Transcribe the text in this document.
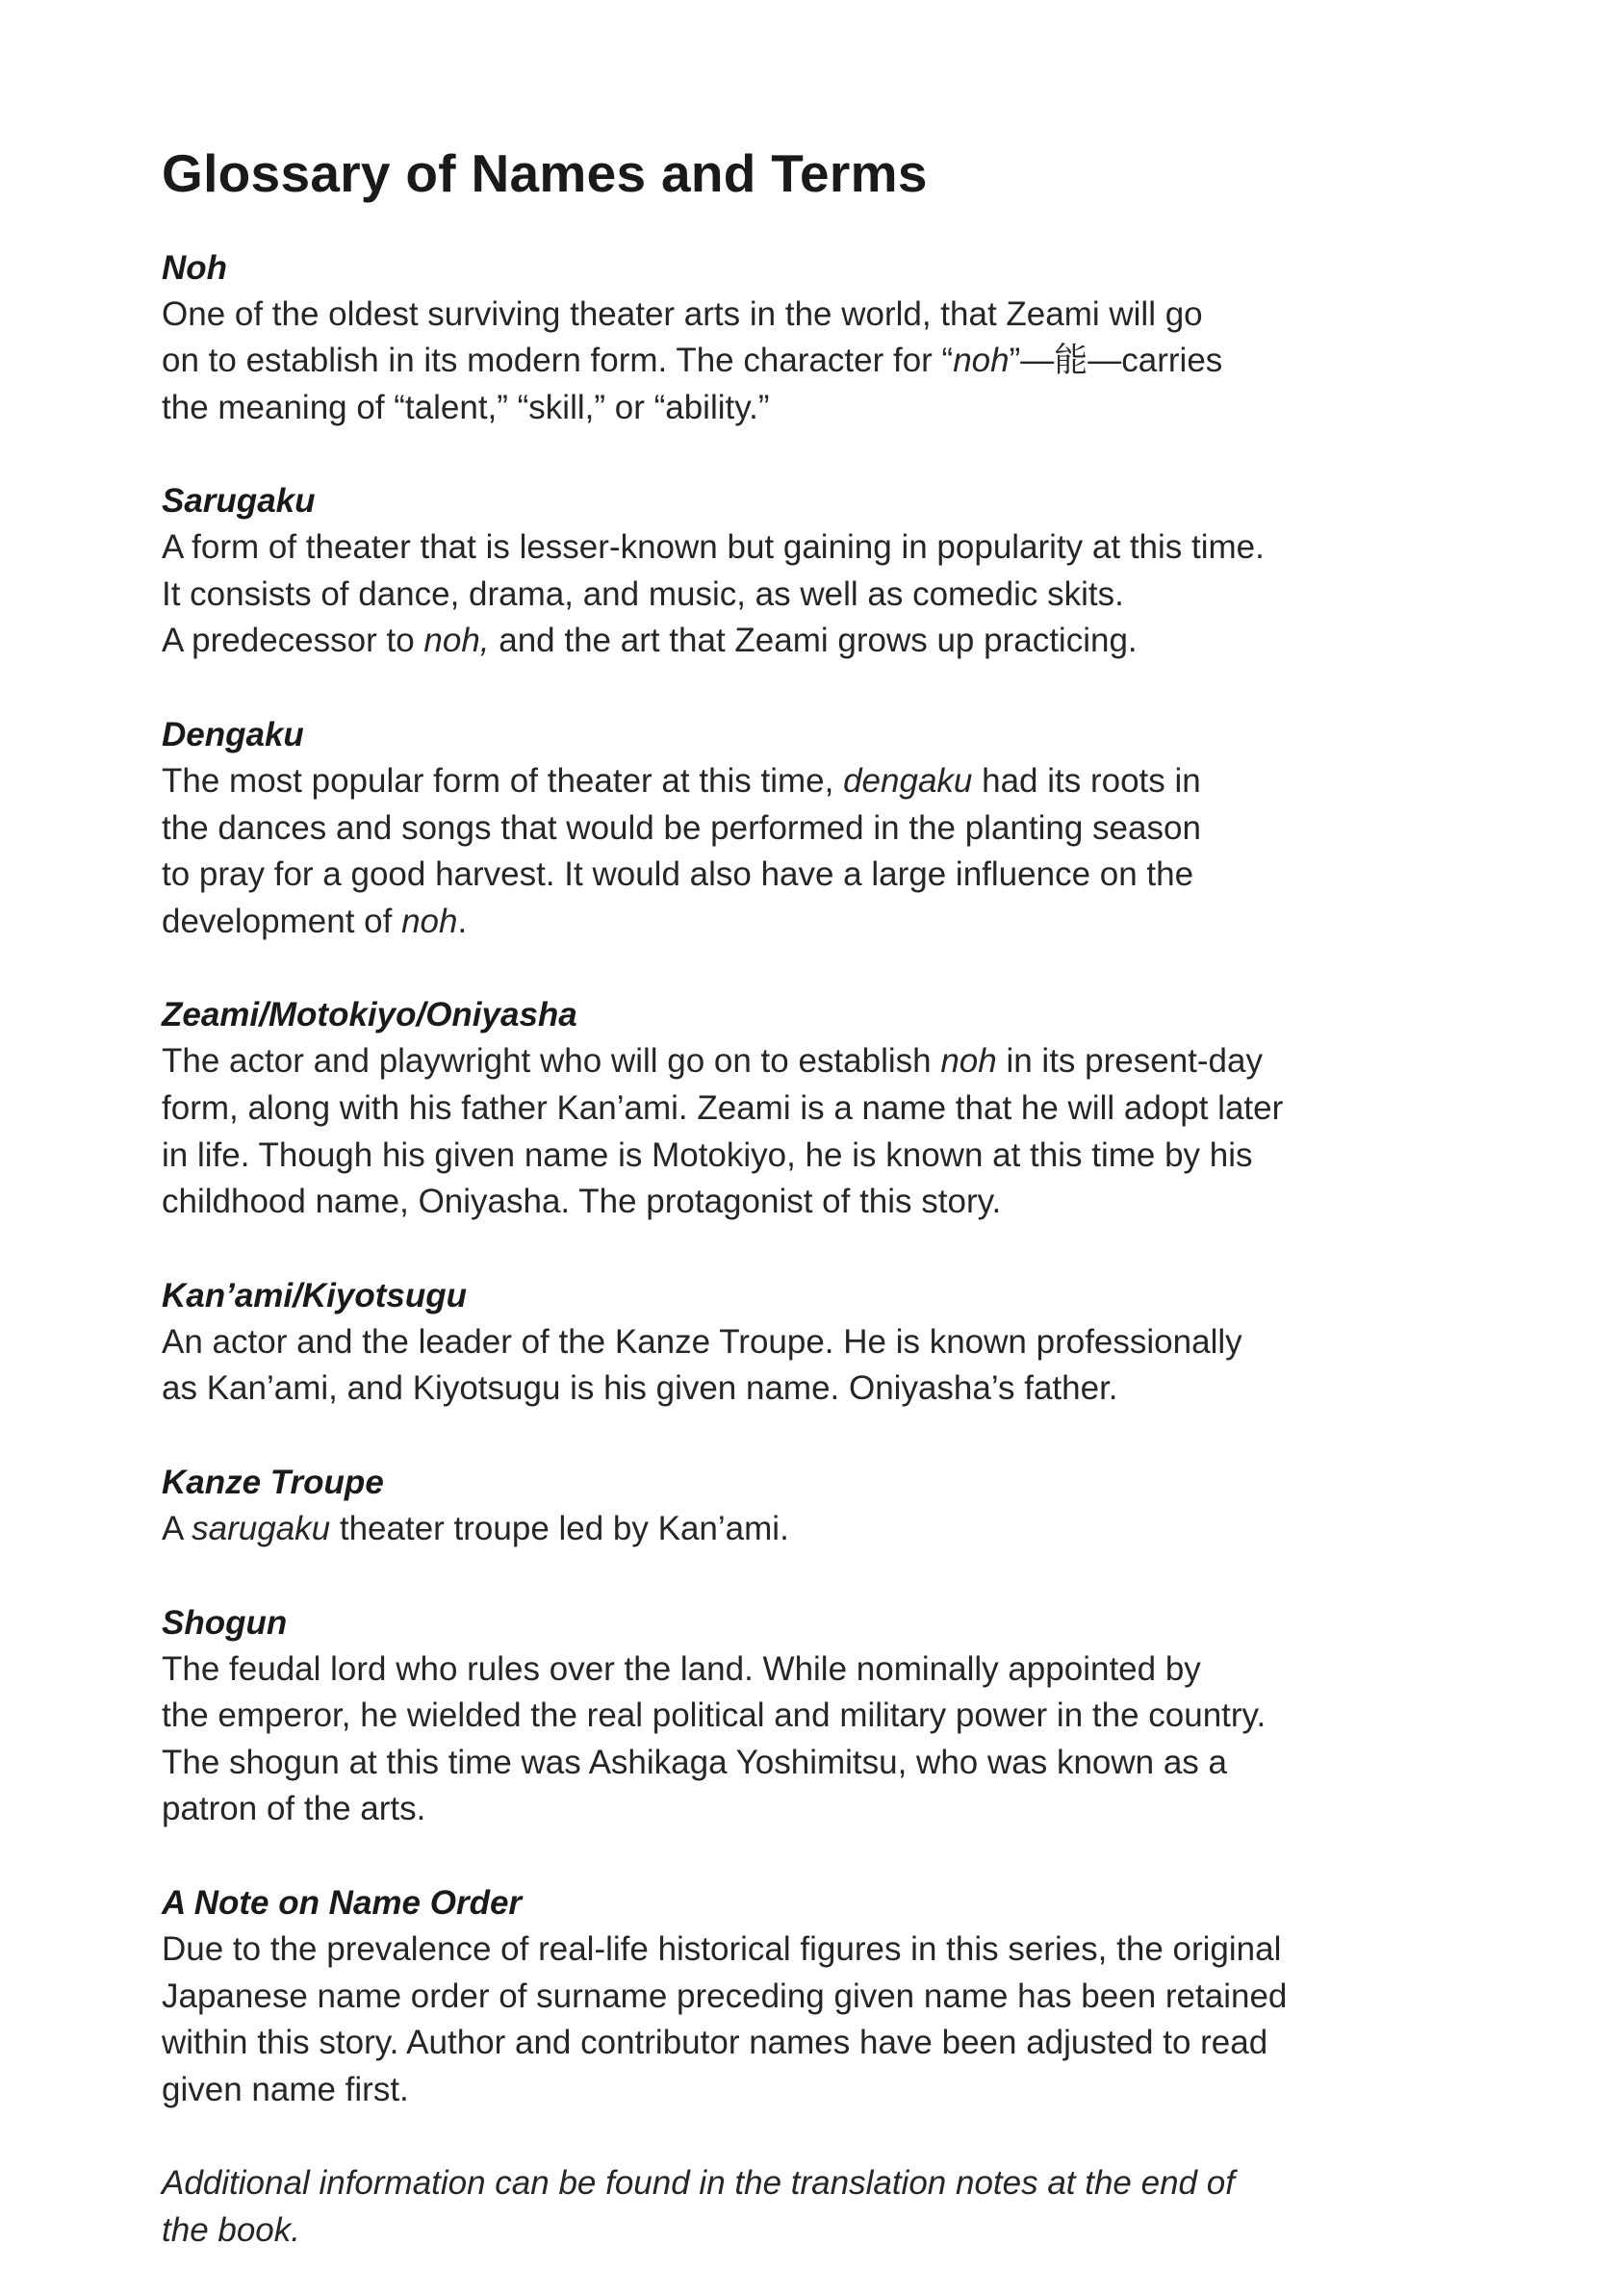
Glossary of Names and Terms
Noh
One of the oldest surviving theater arts in the world, that Zeami will go
on to establish in its modern form. The character for “noh”—能—carries
the meaning of “talent,” “skill,” or “ability.”
Sarugaku
A form of theater that is lesser-known but gaining in popularity at this time.
It consists of dance, drama, and music, as well as comedic skits.
A predecessor to noh, and the art that Zeami grows up practicing.
Dengaku
The most popular form of theater at this time, dengaku had its roots in
the dances and songs that would be performed in the planting season
to pray for a good harvest. It would also have a large influence on the
development of noh.
Zeami/Motokiyo/Oniyasha
The actor and playwright who will go on to establish noh in its present-day
form, along with his father Kan’ami. Zeami is a name that he will adopt later
in life. Though his given name is Motokiyo, he is known at this time by his
childhood name, Oniyasha. The protagonist of this story.
Kan’ami/Kiyotsugu
An actor and the leader of the Kanze Troupe. He is known professionally
as Kan’ami, and Kiyotsugu is his given name. Oniyasha’s father.
Kanze Troupe
A sarugaku theater troupe led by Kan’ami.
Shogun
The feudal lord who rules over the land. While nominally appointed by
the emperor, he wielded the real political and military power in the country.
The shogun at this time was Ashikaga Yoshimitsu, who was known as a
patron of the arts.
A Note on Name Order
Due to the prevalence of real-life historical figures in this series, the original
Japanese name order of surname preceding given name has been retained
within this story. Author and contributor names have been adjusted to read
given name first.
Additional information can be found in the translation notes at the end of
the book.
